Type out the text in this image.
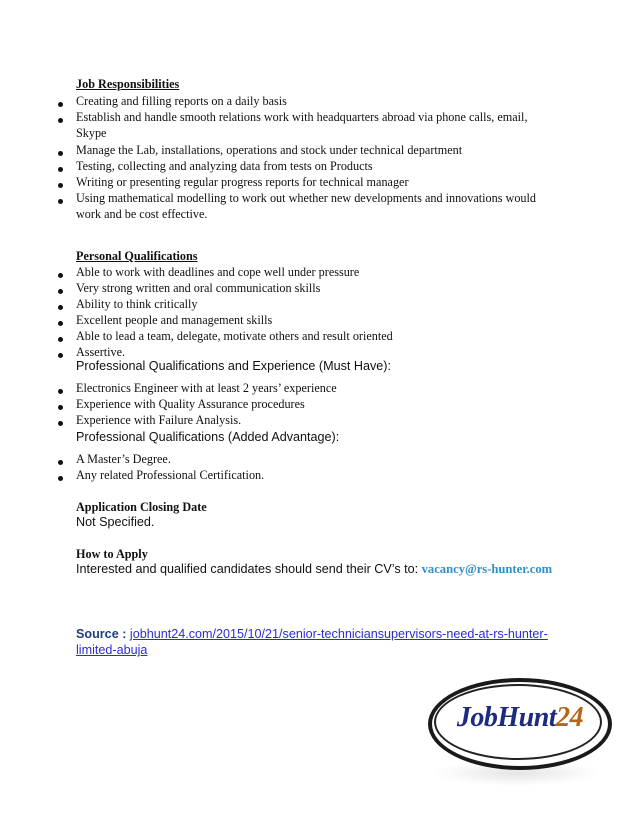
Job Responsibilities
Creating and filling reports on a daily basis
Establish and handle smooth relations work with headquarters abroad via phone calls, email,
Skype
Manage the Lab, installations, operations and stock under technical department
Testing, collecting and analyzing data from tests on Products
Writing or presenting regular progress reports for technical manager
Using mathematical modelling to work out whether new developments and innovations would
work and be cost effective.
Personal Qualifications
Able to work with deadlines and cope well under pressure
Very strong written and oral communication skills
Ability to think critically
Excellent people and management skills
Able to lead a team, delegate, motivate others and result oriented
Assertive.
Professional Qualifications and Experience (Must Have):
Electronics Engineer with at least 2 years’ experience
Experience with Quality Assurance procedures
Experience with Failure Analysis.
Professional Qualifications (Added Advantage):
A Master’s Degree.
Any related Professional Certification.
Application Closing Date
Not Specified.
How to Apply
Interested and qualified candidates should send their CV’s to: vacancy@rs-hunter.com
Source : jobhunt24.com/2015/10/21/senior-techniciansupervisors-need-at-rs-hunter-
limited-abuja
JobHunt24
